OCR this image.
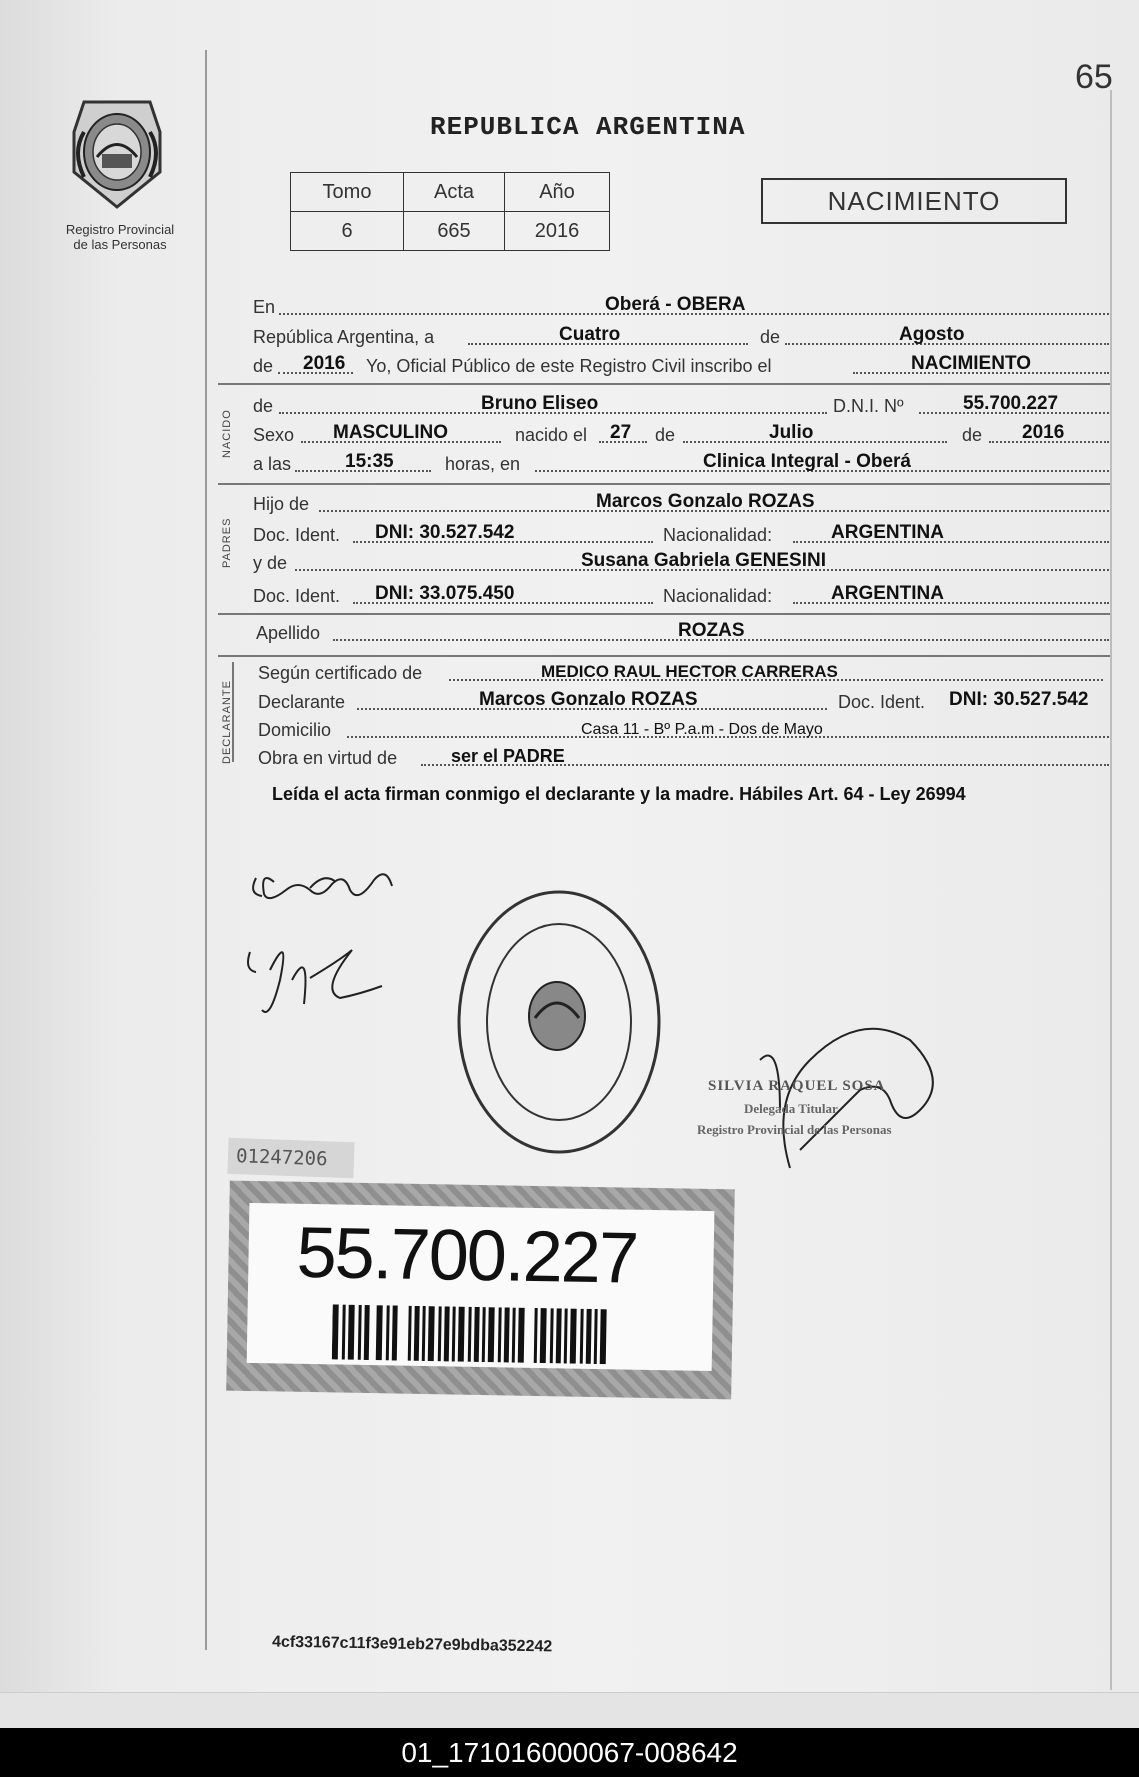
65
Registro Provincial
de las Personas
REPUBLICA ARGENTINA
Tomo	Acta	Año
6	665	2016
NACIMIENTO
En	Oberá - OBERA
República Argentina, a	Cuatro	de	Agosto
de 2016 Yo, Oficial Público de este Registro Civil inscribo el	NACIMIENTO
NACIDO
de	Bruno Eliseo	D.N.I. Nº	55.700.227
Sexo MASCULINO	nacido el 27 de	Julio	de 2016
a las	15:35	horas, en	Clinica Integral - Oberá
PADRES
Hijo de	Marcos Gonzalo ROZAS
Doc. Ident. DNI: 30.527.542	Nacionalidad:	ARGENTINA
y de	Susana Gabriela GENESINI
Doc. Ident. DNI: 33.075.450	Nacionalidad:	ARGENTINA
Apellido	ROZAS
DECLARANTE
Según certificado de	MEDICO RAUL HECTOR CARRERAS
Declarante	Marcos Gonzalo ROZAS	Doc. Ident. DNI: 30.527.542
Domicilio	Casa 11 - Bº P.a.m - Dos de Mayo
Obra en virtud de	ser el PADRE
Leída el acta firman conmigo el declarante y la madre. Hábiles Art. 64 - Ley 26994
SILVIA RAQUEL SOSA
Delegada Titular
Registro Provincial de las Personas
01247206
55.700.227
4cf33167c11f3e91eb27e9bdba352242
01_171016000067-008642
